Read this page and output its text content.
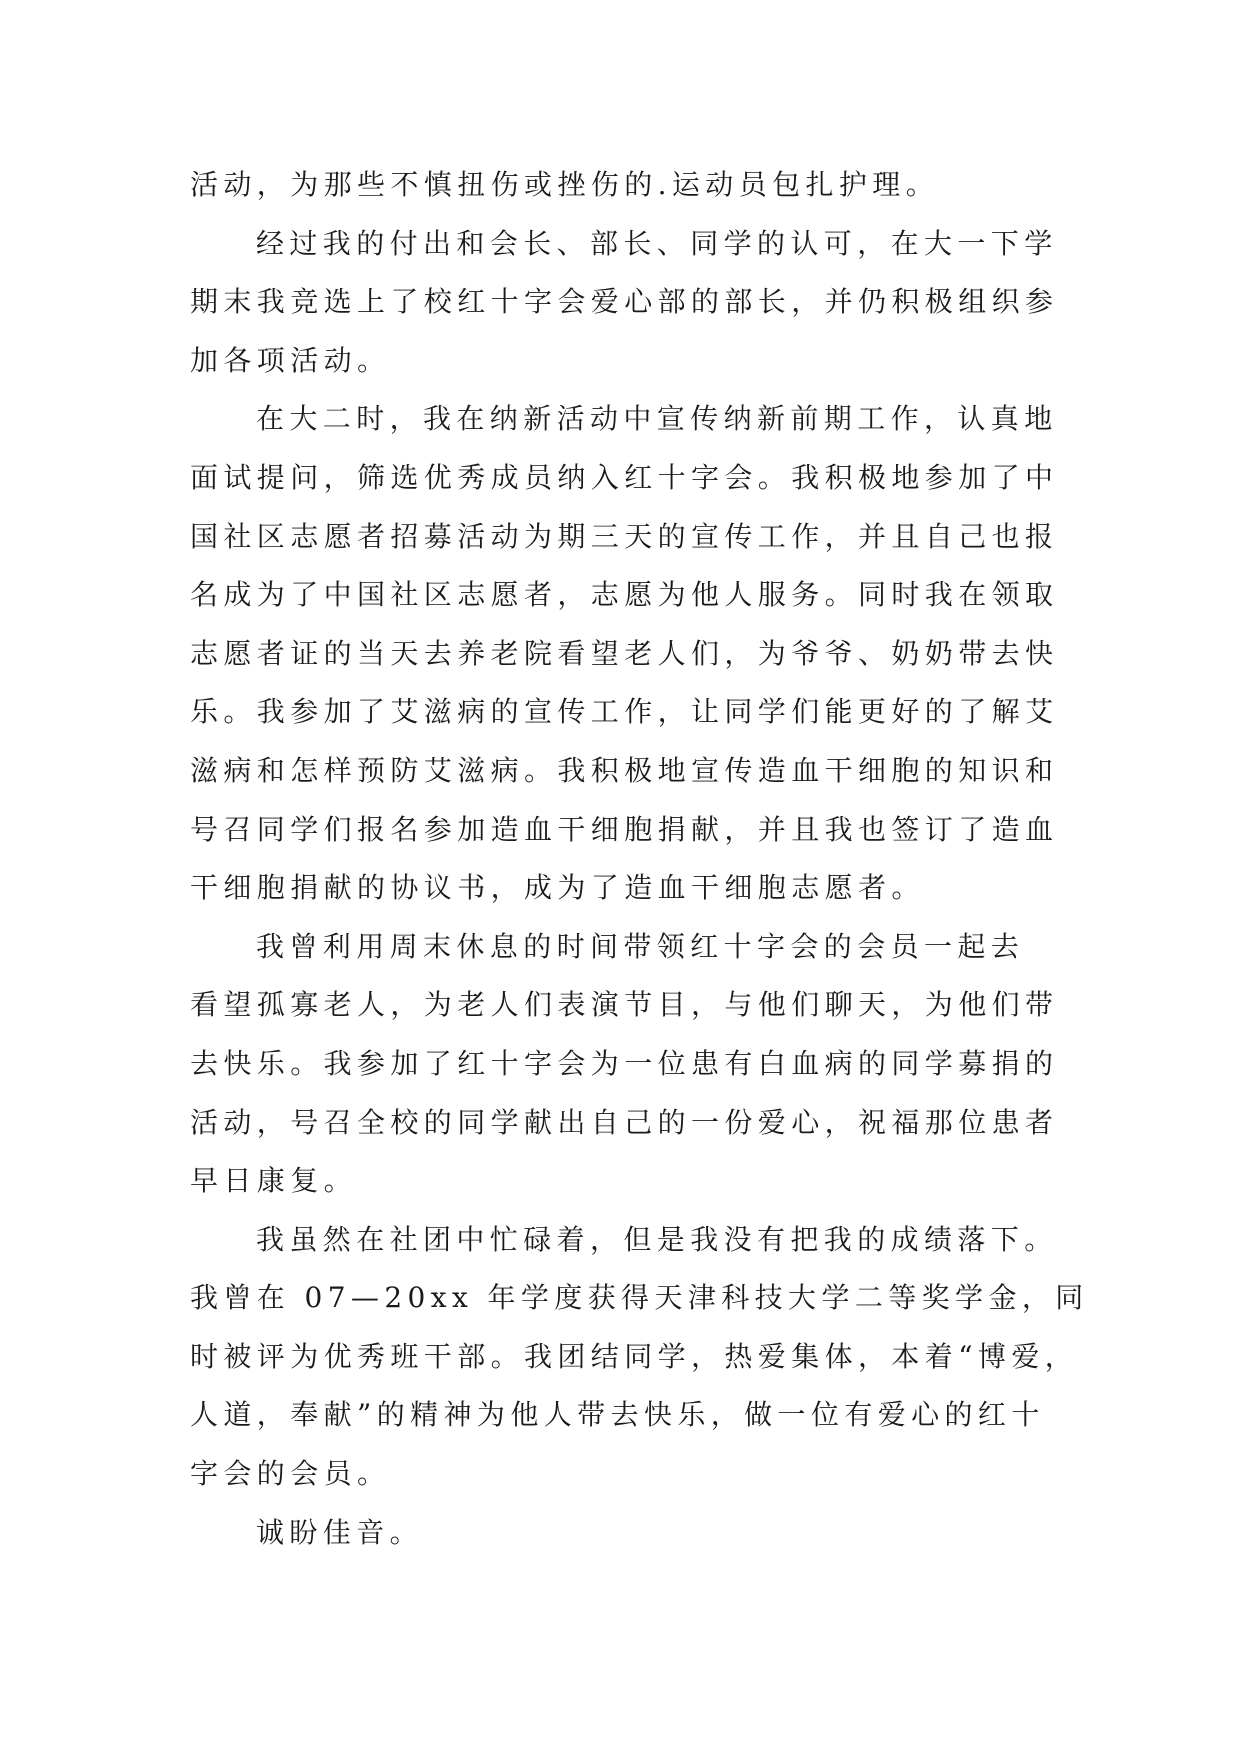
活动，为那些不慎扭伤或挫伤的.运动员包扎护理。
经过我的付出和会长、部长、同学的认可，在大一下学
期末我竞选上了校红十字会爱心部的部长，并仍积极组织参
加各项活动。
在大二时，我在纳新活动中宣传纳新前期工作，认真地
面试提问，筛选优秀成员纳入红十字会。我积极地参加了中
国社区志愿者招募活动为期三天的宣传工作，并且自己也报
名成为了中国社区志愿者，志愿为他人服务。同时我在领取
志愿者证的当天去养老院看望老人们，为爷爷、奶奶带去快
乐。我参加了艾滋病的宣传工作，让同学们能更好的了解艾
滋病和怎样预防艾滋病。我积极地宣传造血干细胞的知识和
号召同学们报名参加造血干细胞捐献，并且我也签订了造血
干细胞捐献的协议书，成为了造血干细胞志愿者。
我曾利用周末休息的时间带领红十字会的会员一起去
看望孤寡老人，为老人们表演节目，与他们聊天，为他们带
去快乐。我参加了红十字会为一位患有白血病的同学募捐的
活动，号召全校的同学献出自己的一份爱心，祝福那位患者
早日康复。
我虽然在社团中忙碌着，但是我没有把我的成绩落下。
我曾在 07—20xx 年学度获得天津科技大学二等奖学金，同
时被评为优秀班干部。我团结同学，热爱集体，本着“博爱，
人道，奉献”的精神为他人带去快乐，做一位有爱心的红十
字会的会员。
诚盼佳音。
